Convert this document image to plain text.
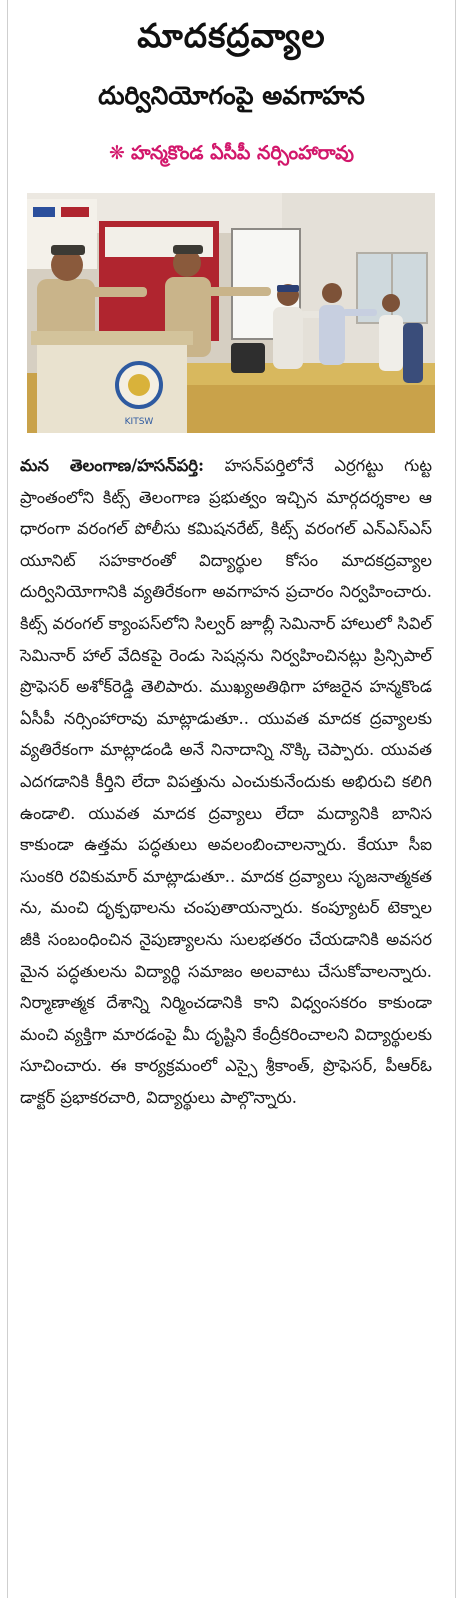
మాదకద్రవ్యాల
దుర్వినియోగంపై అవగాహన
❋ హన్మకొండ ఏసీపీ నర్సింహారావు
KITSW

మన తెలంగాణ/హసన్‌పర్తి: హసన్‌పర్తిలోనే ఎర్రగట్టు గుట్ట ప్రాంతంలోని కిట్స్ తెలంగాణ ప్రభుత్వం ఇచ్చిన మార్గదర్శకాల ఆధారంగా వరంగల్ పోలీసు కమిషనరేట్, కిట్స్ వరంగల్ ఎన్‌ఎస్‌ఎస్ యూనిట్ సహకారంతో విద్యార్థుల కోసం మాదకద్రవ్యాల దుర్వినియోగానికి వ్యతిరేకంగా అవగాహన ప్రచారం నిర్వహించారు. కిట్స్ వరంగల్ క్యాంపస్‌లోని సిల్వర్ జూబ్లీ సెమినార్ హాలులో సివిల్ సెమినార్ హాల్ వేదికపై రెండు సెషన్లను నిర్వహించినట్లు ప్రిన్సిపాల్ ప్రొఫెసర్ అశోక్‌రెడ్డి తెలిపారు. ముఖ్యఅతిథిగా హాజరైన హన్మకొండ ఏసీపీ నర్సింహారావు మాట్లాడుతూ.. యువత మాదక ద్రవ్యాలకు వ్యతిరేకంగా మాట్లాడండి అనే నినాదాన్ని నొక్కి చెప్పారు. యువత ఎదగడానికి కీర్తిని లేదా విపత్తును ఎంచుకునేందుకు అభిరుచి కలిగి ఉండాలి. యువత మాదక ద్రవ్యాలు లేదా మద్యానికి బానిస కాకుండా ఉత్తమ పద్ధతులు అవలంబించాలన్నారు. కేయూ సీఐ సుంకరి రవికుమార్ మాట్లాడుతూ.. మాదక ద్రవ్యాలు సృజనాత్మకతను, మంచి దృక్పథాలను చంపుతాయన్నారు. కంప్యూటర్ టెక్నాలజీకి సంబంధించిన నైపుణ్యాలను సులభతరం చేయడానికి అవసరమైన పద్ధతులను విద్యార్థి సమాజం అలవాటు చేసుకోవాలన్నారు. నిర్మాణాత్మక దేశాన్ని నిర్మించడానికి కాని విధ్వంసకరం కాకుండా మంచి వ్యక్తిగా మారడంపై మీ దృష్టిని కేంద్రీకరించాలని విద్యార్థులకు సూచించారు. ఈ కార్యక్రమంలో ఎస్సై శ్రీకాంత్, ప్రొఫెసర్, పీఆర్‌ఓ డాక్టర్ ప్రభాకరచారి, విద్యార్థులు పాల్గొన్నారు.
